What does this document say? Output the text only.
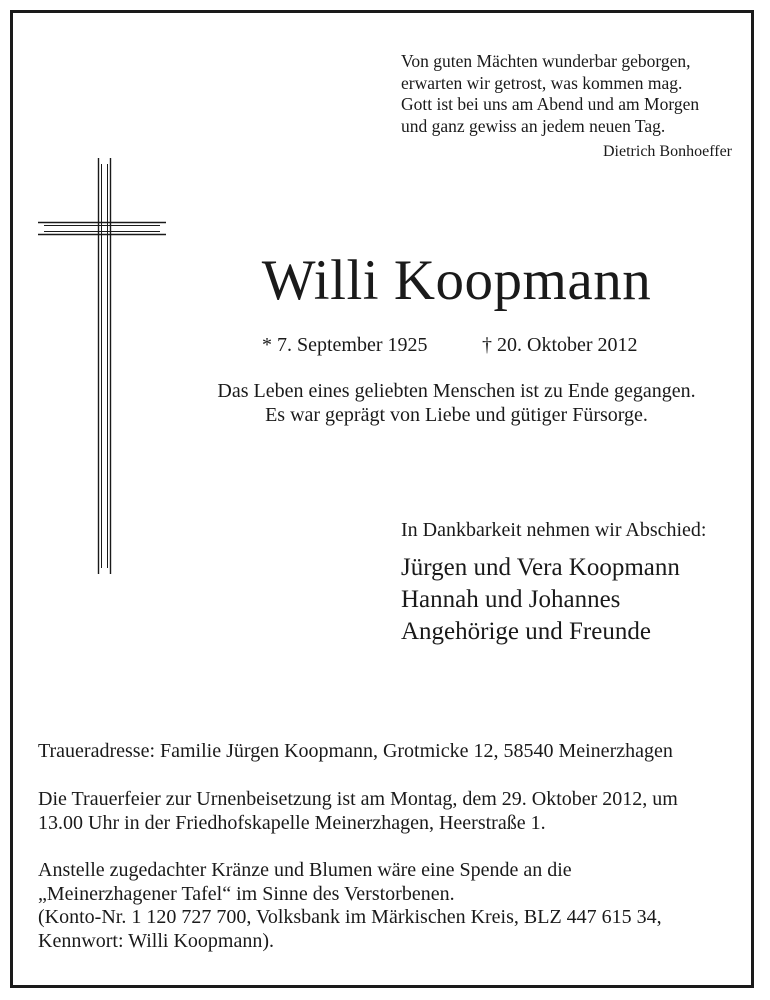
Von guten Mächten wunderbar geborgen,
erwarten wir getrost, was kommen mag.
Gott ist bei uns am Abend und am Morgen
und ganz gewiss an jedem neuen Tag.
Dietrich Bonhoeffer
Willi Koopmann
* 7. September 1925	† 20. Oktober 2012
Das Leben eines geliebten Menschen ist zu Ende gegangen.
Es war geprägt von Liebe und gütiger Fürsorge.
In Dankbarkeit nehmen wir Abschied:
Jürgen und Vera Koopmann
Hannah und Johannes
Angehörige und Freunde
Traueradresse: Familie Jürgen Koopmann, Grotmicke 12, 58540 Meinerzhagen
Die Trauerfeier zur Urnenbeisetzung ist am Montag, dem 29. Oktober 2012, um
13.00 Uhr in der Friedhofskapelle Meinerzhagen, Heerstraße 1.
Anstelle zugedachter Kränze und Blumen wäre eine Spende an die
„Meinerzhagener Tafel“ im Sinne des Verstorbenen.
(Konto-Nr. 1 120 727 700, Volksbank im Märkischen Kreis, BLZ 447 615 34,
Kennwort: Willi Koopmann).
